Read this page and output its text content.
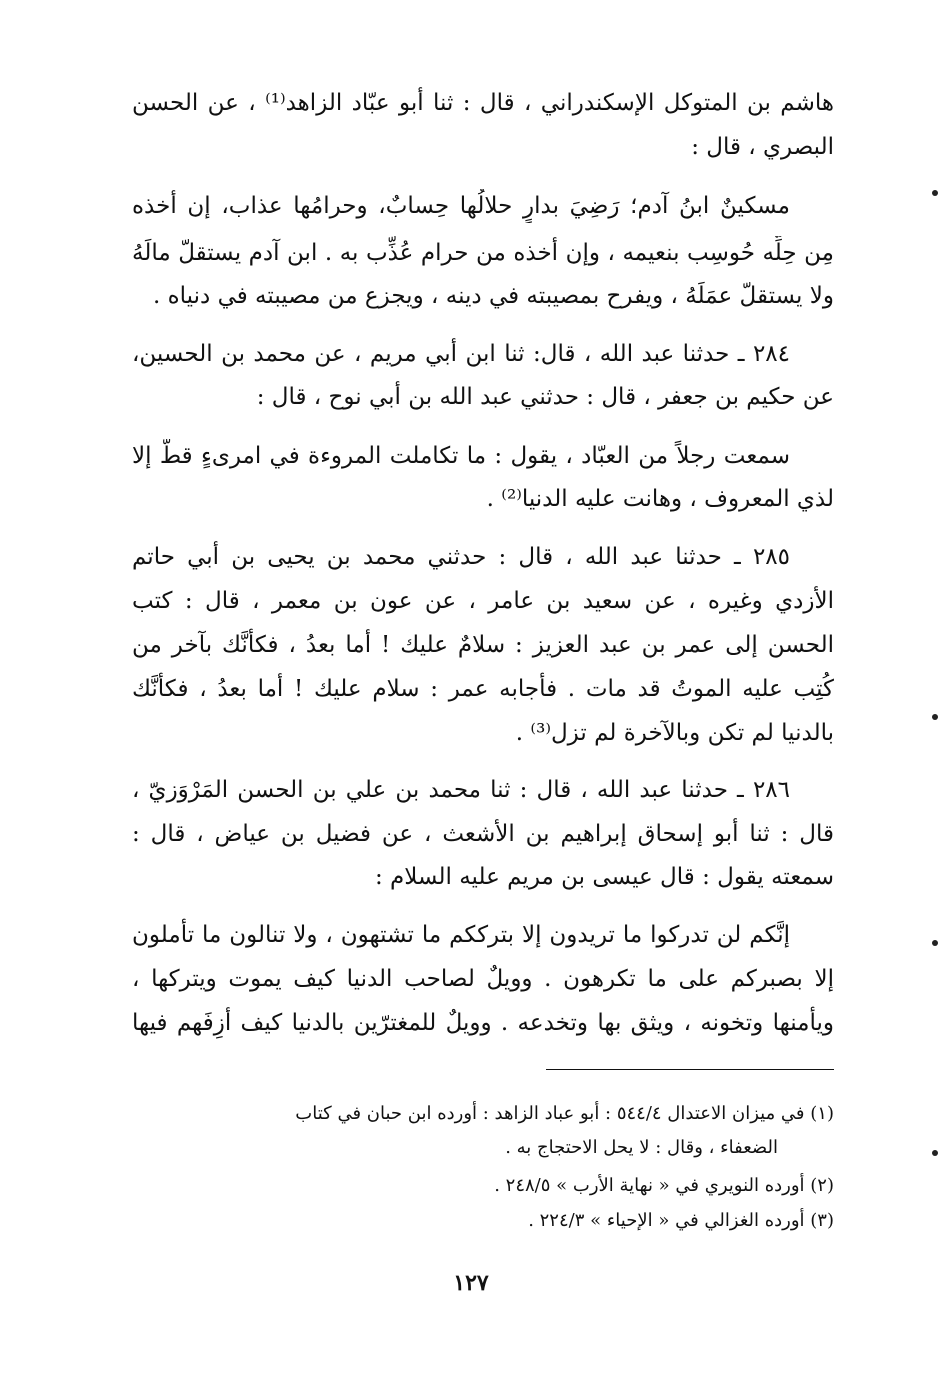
هاشم بن المتوكل الإسكندراني ، قال : ثنا أبو عبّاد الزاهد⁽¹⁾ ، عن الحسن
البصري ، قال :
مسكينٌ ابنُ آدم؛ رَضِيَ بدارٍ حلالُها حِسابٌ، وحرامُها عذاب، إن أخذه
مِن حِلِّه حُوسِب بنعيمه ، وإن أخذه من حرام عُذِّب به . ابن آدم يستقلّ مالَهُ
ولا يستقلّ عمَلَهُ ، ويفرح بمصيبته في دينه ، ويجزع من مصيبته في دنياه .
٢٨٤ ـ حدثنا عبد الله ، قال: ثنا ابن أبي مريم ، عن محمد بن الحسين،
عن حكيم بن جعفر ، قال : حدثني عبد الله بن أبي نوح ، قال :
سمعت رجلاً من العبّاد ، يقول : ما تكاملت المروءة في امرىءٍ قطّ إلا
لذي المعروف ، وهانت عليه الدنيا⁽²⁾ .
٢٨٥ ـ حدثنا عبد الله ، قال : حدثني محمد بن يحيى بن أبي حاتم
الأزدي وغيره ، عن سعيد بن عامر ، عن عون بن معمر ، قال : كتب
الحسن إلى عمر بن عبد العزيز : سلامٌ عليك ! أما بعدُ ، فكأنَّك بآخر من
كُتِب عليه الموتُ قد مات . فأجابه عمر : سلام عليك ! أما بعدُ ، فكأنَّك
بالدنيا لم تكن وبالآخرة لم تزل⁽³⁾ .
٢٨٦ ـ حدثنا عبد الله ، قال : ثنا محمد بن علي بن الحسن المَرْوَزيّ ،
قال : ثنا أبو إسحاق إبراهيم بن الأشعث ، عن فضيل بن عياض ، قال :
سمعته يقول : قال عيسى بن مريم عليه السلام :
إنَّكم لن تدركوا ما تريدون إلا بترككم ما تشتهون ، ولا تنالون ما تأملون
إلا بصبركم على ما تكرهون . وويلٌ لصاحب الدنيا كيف يموت ويتركها ،
ويأمنها وتخونه ، ويثق بها وتخدعه . وويلٌ للمغترّين بالدنيا كيف أزِفَهم فيها
(١) في ميزان الاعتدال ٥٤٤/٤ : أبو عباد الزاهد : أورده ابن حبان في كتاب
الضعفاء ، وقال : لا يحل الاحتجاج به .
(٢) أورده النويري في « نهاية الأرب » ٢٤٨/٥ .
(٣) أورده الغزالي في « الإحياء » ٢٢٤/٣ .
١٢٧
